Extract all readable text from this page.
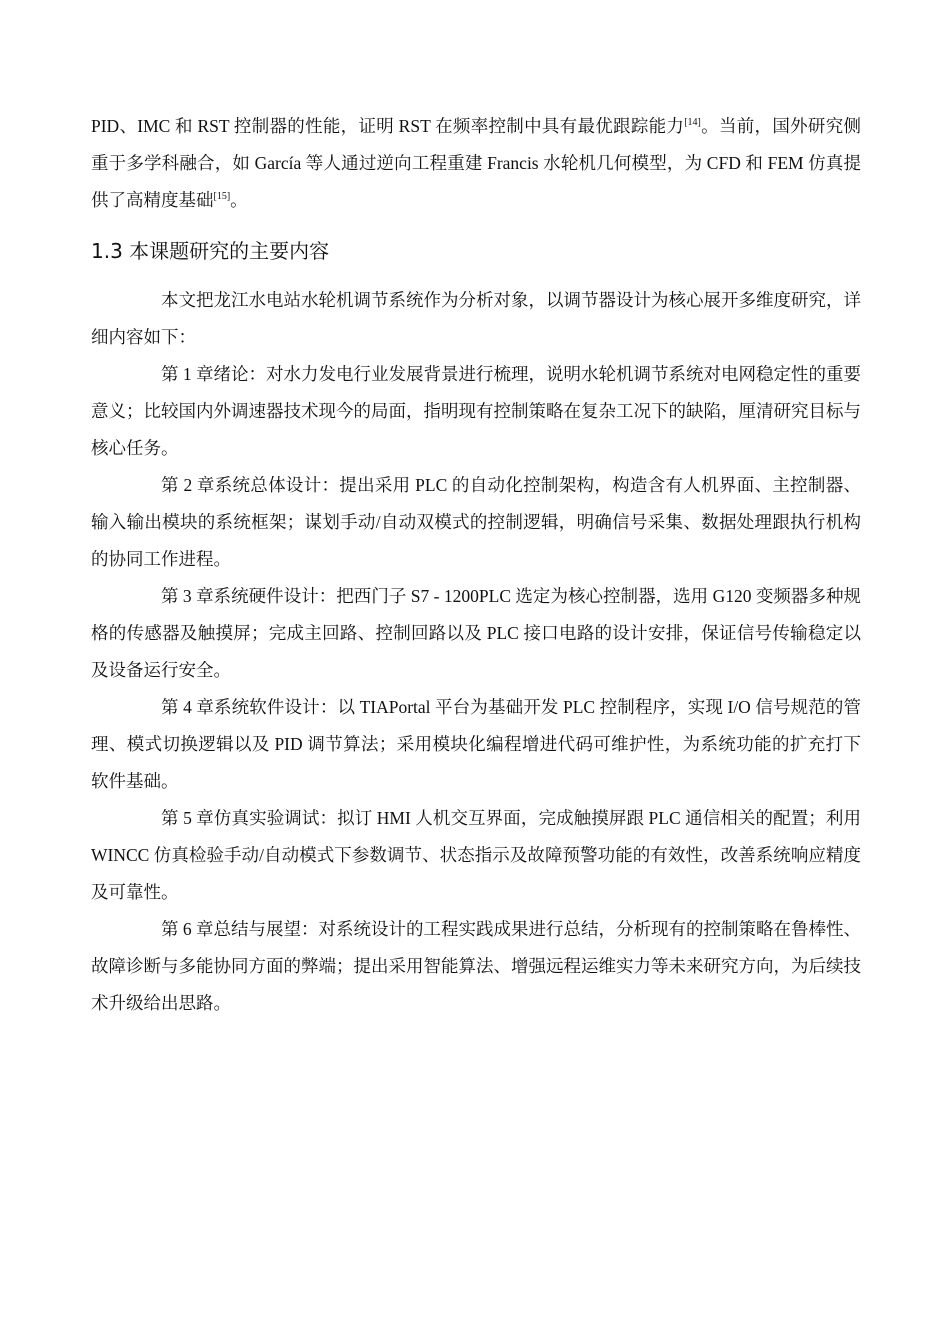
PID、IMC 和 RST 控制器的性能，证明 RST 在频率控制中具有最优跟踪能力[14]。当前，国外研究侧重于多学科融合，如 García 等人通过逆向工程重建 Francis 水轮机几何模型，为 CFD 和 FEM 仿真提供了高精度基础[15]。

1.3 本课题研究的主要内容

本文把龙江水电站水轮机调节系统作为分析对象，以调节器设计为核心展开多维度研究，详细内容如下：

第 1 章绪论：对水力发电行业发展背景进行梳理，说明水轮机调节系统对电网稳定性的重要意义；比较国内外调速器技术现今的局面，指明现有控制策略在复杂工况下的缺陷，厘清研究目标与核心任务。

第 2 章系统总体设计：提出采用 PLC 的自动化控制架构，构造含有人机界面、主控制器、输入输出模块的系统框架；谋划手动/自动双模式的控制逻辑，明确信号采集、数据处理跟执行机构的协同工作进程。

第 3 章系统硬件设计：把西门子 S7 - 1200PLC 选定为核心控制器，选用 G120 变频器多种规格的传感器及触摸屏；完成主回路、控制回路以及 PLC 接口电路的设计安排，保证信号传输稳定以及设备运行安全。

第 4 章系统软件设计：以 TIAPortal 平台为基础开发 PLC 控制程序，实现 I/O 信号规范的管理、模式切换逻辑以及 PID 调节算法；采用模块化编程增进代码可维护性，为系统功能的扩充打下软件基础。

第 5 章仿真实验调试：拟订 HMI 人机交互界面，完成触摸屏跟 PLC 通信相关的配置；利用 WINCC 仿真检验手动/自动模式下参数调节、状态指示及故障预警功能的有效性，改善系统响应精度及可靠性。

第 6 章总结与展望：对系统设计的工程实践成果进行总结，分析现有的控制策略在鲁棒性、故障诊断与多能协同方面的弊端；提出采用智能算法、增强远程运维实力等未来研究方向，为后续技术升级给出思路。
